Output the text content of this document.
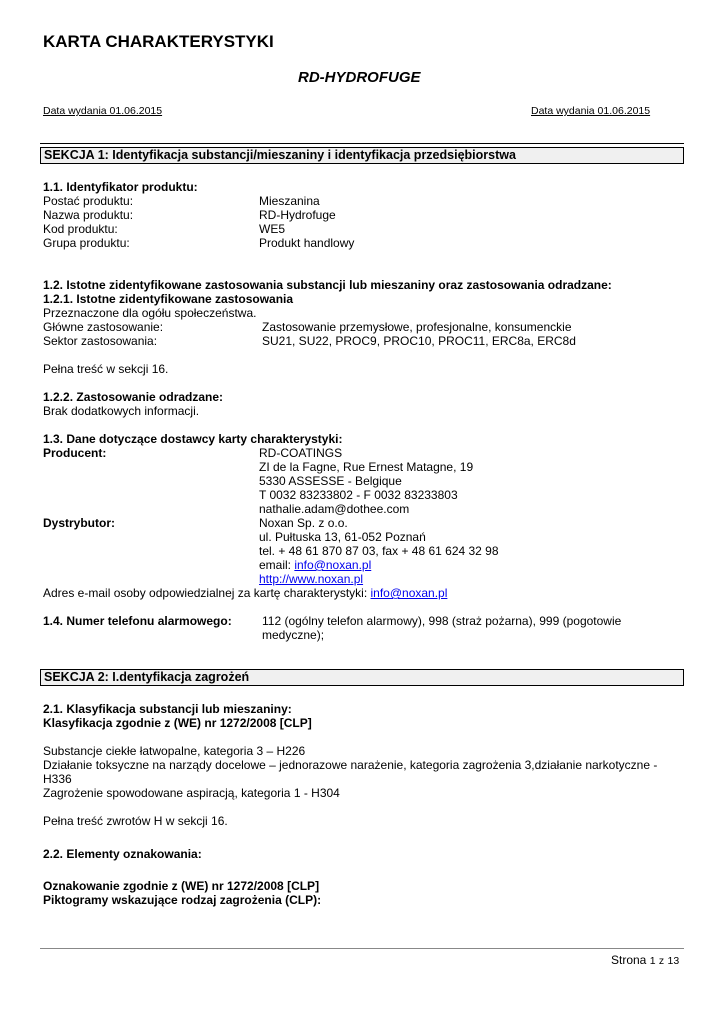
KARTA CHARAKTERYSTYKI
RD-HYDROFUGE
Data wydania 01.06.2015	Data wydania 01.06.2015
SEKCJA 1: Identyfikacja substancji/mieszaniny i identyfikacja przedsiębiorstwa
1.1. Identyfikator produktu:
Postać produktu:	Mieszanina
Nazwa produktu:	RD-Hydrofuge
Kod produktu:	WE5
Grupa produktu:	Produkt handlowy
1.2. Istotne zidentyfikowane zastosowania substancji lub mieszaniny oraz zastosowania odradzane:
1.2.1. Istotne zidentyfikowane zastosowania
Przeznaczone dla ogółu społeczeństwa.
Główne zastosowanie:	Zastosowanie przemysłowe, profesjonalne, konsumenckie
Sektor zastosowania:	SU21, SU22, PROC9, PROC10, PROC11, ERC8a, ERC8d
Pełna treść w sekcji 16.
1.2.2. Zastosowanie odradzane:
Brak dodatkowych informacji.
1.3. Dane dotyczące dostawcy karty charakterystyki:
Producent:	RD-COATINGS
ZI de la Fagne, Rue Ernest Matagne, 19
5330 ASSESSE - Belgique
T 0032 83233802 - F 0032 83233803
nathalie.adam@dothee.com
Dystrybutor:	Noxan Sp. z o.o.
ul. Pułtuska 13, 61-052 Poznań
tel. + 48 61 870 87 03, fax + 48 61 624 32 98
email: info@noxan.pl
http://www.noxan.pl
Adres e-mail osoby odpowiedzialnej za kartę charakterystyki: info@noxan.pl
1.4. Numer telefonu alarmowego:	112 (ogólny telefon alarmowy), 998 (straż pożarna), 999 (pogotowie
medyczne);
SEKCJA 2: I.dentyfikacja zagrożeń
2.1. Klasyfikacja substancji lub mieszaniny:
Klasyfikacja zgodnie z (WE) nr 1272/2008 [CLP]
Substancje ciekłe łatwopalne, kategoria 3 – H226
Działanie toksyczne na narządy docelowe – jednorazowe narażenie, kategoria zagrożenia 3,działanie narkotyczne -
H336
Zagrożenie spowodowane aspiracją, kategoria 1 - H304
Pełna treść zwrotów H w sekcji 16.
2.2. Elementy oznakowania:
Oznakowanie zgodnie z (WE) nr 1272/2008 [CLP]
Piktogramy wskazujące rodzaj zagrożenia (CLP):
Strona 1 z 13
